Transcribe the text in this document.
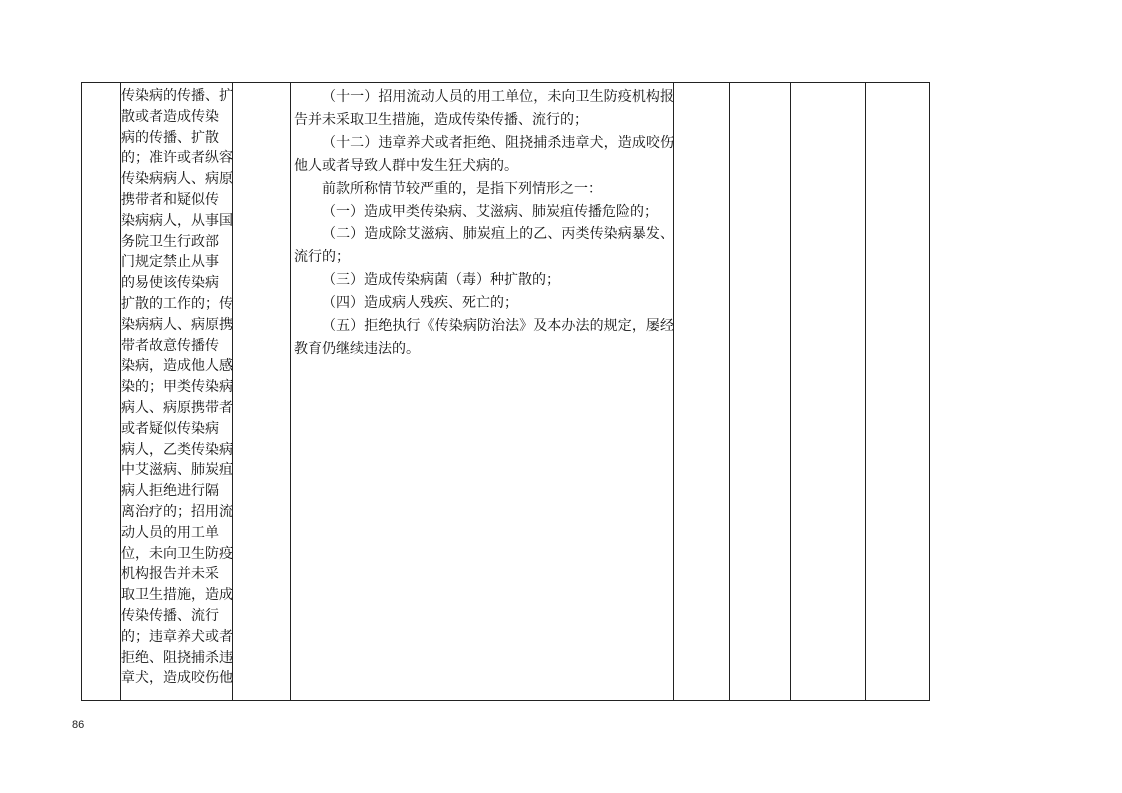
传染病的传播、扩
散或者造成传染
病的传播、扩散
的；准许或者纵容
传染病病人、病原
携带者和疑似传
染病病人，从事国
务院卫生行政部
门规定禁止从事
的易使该传染病
扩散的工作的；传
染病病人、病原携
带者故意传播传
染病，造成他人感
染的；甲类传染病
病人、病原携带者
或者疑似传染病
病人，乙类传染病
中艾滋病、肺炭疽
病人拒绝进行隔
离治疗的；招用流
动人员的用工单
位，未向卫生防疫
机构报告并未采
取卫生措施，造成
传染传播、流行
的；违章养犬或者
拒绝、阻挠捕杀违
章犬，造成咬伤他

（十一）招用流动人员的用工单位，未向卫生防疫机构报告并未采取卫生措施，造成传染传播、流行的；

（十二）违章养犬或者拒绝、阻挠捕杀违章犬，造成咬伤他人或者导致人群中发生狂犬病的。

前款所称情节较严重的，是指下列情形之一：

（一）造成甲类传染病、艾滋病、肺炭疽传播危险的；

（二）造成除艾滋病、肺炭疽上的乙、丙类传染病暴发、流行的；

（三）造成传染病菌（毒）种扩散的；

（四）造成病人残疾、死亡的；

（五）拒绝执行《传染病防治法》及本办法的规定，屡经教育仍继续违法的。

86
